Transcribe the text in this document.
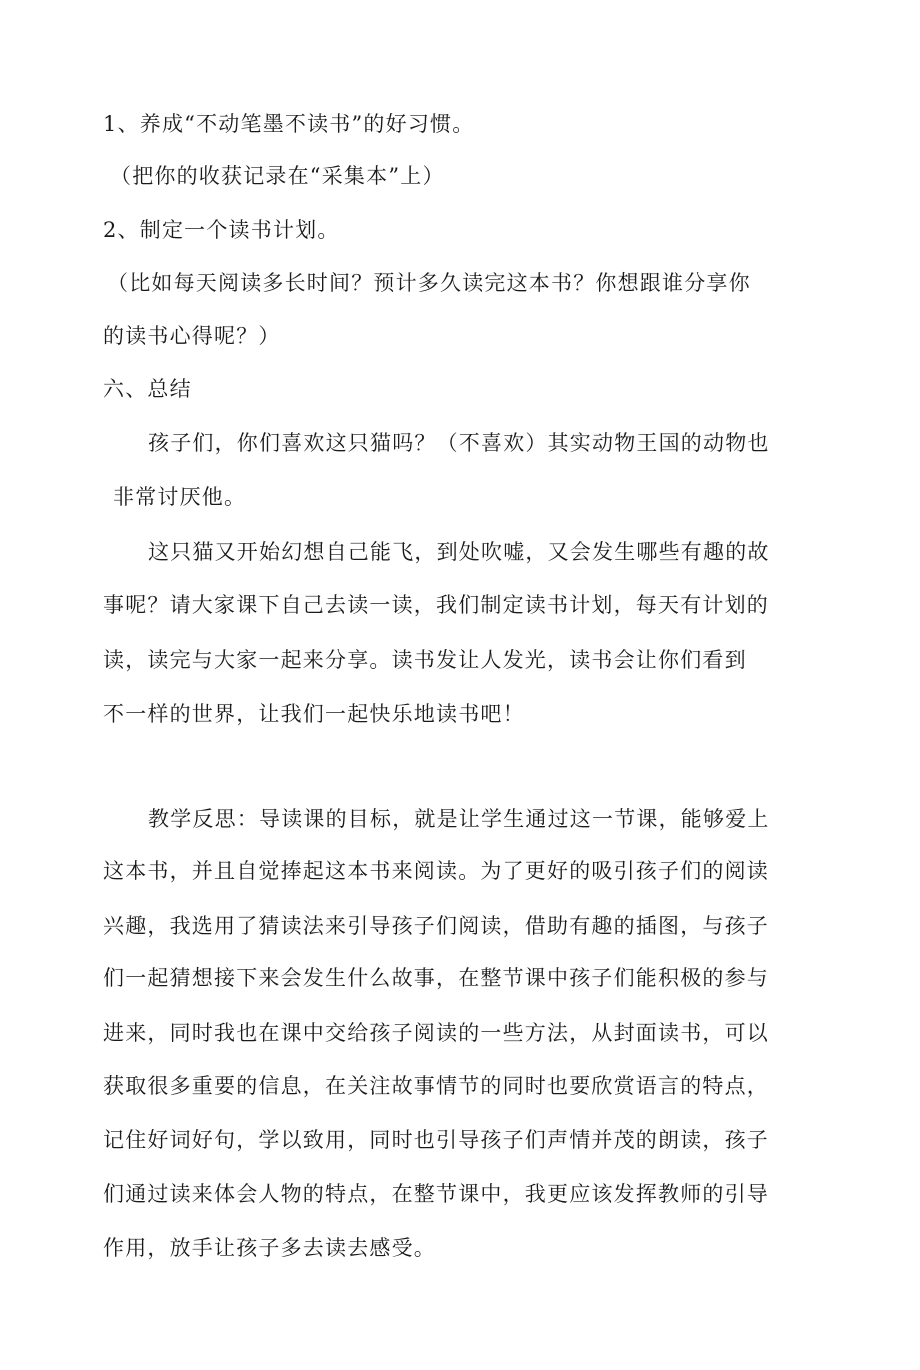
1、养成“不动笔墨不读书”的好习惯。
（把你的收获记录在“采集本”上）
2、制定一个读书计划。
（比如每天阅读多长时间？预计多久读完这本书？你想跟谁分享你
的读书心得呢？）
六、总结
孩子们，你们喜欢这只猫吗？（不喜欢）其实动物王国的动物也
非常讨厌他。
这只猫又开始幻想自己能飞，到处吹嘘，又会发生哪些有趣的故
事呢？请大家课下自己去读一读，我们制定读书计划，每天有计划的
读，读完与大家一起来分享。读书发让人发光，读书会让你们看到
不一样的世界，让我们一起快乐地读书吧！
教学反思：导读课的目标，就是让学生通过这一节课，能够爱上
这本书，并且自觉捧起这本书来阅读。为了更好的吸引孩子们的阅读
兴趣，我选用了猜读法来引导孩子们阅读，借助有趣的插图，与孩子
们一起猜想接下来会发生什么故事，在整节课中孩子们能积极的参与
进来，同时我也在课中交给孩子阅读的一些方法，从封面读书，可以
获取很多重要的信息，在关注故事情节的同时也要欣赏语言的特点，
记住好词好句，学以致用，同时也引导孩子们声情并茂的朗读，孩子
们通过读来体会人物的特点，在整节课中，我更应该发挥教师的引导
作用，放手让孩子多去读去感受。
